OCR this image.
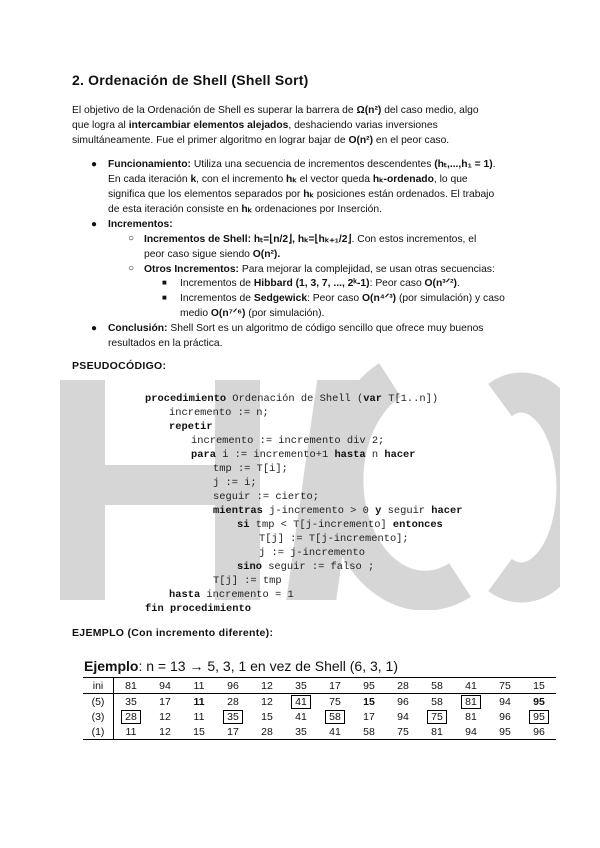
2. Ordenación de Shell (Shell Sort)
El objetivo de la Ordenación de Shell es superar la barrera de Ω(n²) del caso medio, algo
que logra al intercambiar elementos alejados, deshaciendo varias inversiones
simultáneamente. Fue el primer algoritmo en lograr bajar de O(n²) en el peor caso.
● Funcionamiento: Utiliza una secuencia de incrementos descendentes (hₜ,...,h₁ = 1).
En cada iteración k, con el incremento hₖ el vector queda hₖ-ordenado, lo que
significa que los elementos separados por hₖ posiciones están ordenados. El trabajo
de esta iteración consiste en hₖ ordenaciones por Inserción.
● Incrementos:
○ Incrementos de Shell: hₜ=⌊n/2⌋, hₖ=⌊hₖ₊₁/2⌋. Con estos incrementos, el
peor caso sigue siendo O(n²).
○ Otros Incrementos: Para mejorar la complejidad, se usan otras secuencias:
■ Incrementos de Hibbard (1, 3, 7, ..., 2ᵏ-1): Peor caso O(n³ᐟ²).
■ Incrementos de Sedgewick: Peor caso O(n⁴ᐟ³) (por simulación) y caso
medio O(n⁷ᐟ⁶) (por simulación).
● Conclusión: Shell Sort es un algoritmo de código sencillo que ofrece muy buenos
resultados en la práctica.
PSEUDOCÓDIGO:
procedimiento Ordenación de Shell (var T[1..n])
incremento := n;
repetir
incremento := incremento div 2;
para i := incremento+1 hasta n hacer
tmp := T[i];
j := i;
seguir := cierto;
mientras j-incremento > 0 y seguir hacer
si tmp < T[j-incremento] entonces
T[j] := T[j-incremento];
j := j-incremento
sino seguir := falso ;
T[j] := tmp
hasta incremento = 1
fin procedimiento
EJEMPLO (Con incremento diferente):
Ejemplo: n = 13 → 5, 3, 1 en vez de Shell (6, 3, 1)
ini	81	94	11	96	12	35	17	95	28	58	41	75	15
(5)	35	17	11	28	12	41	75	15	96	58	81	94	95
(3)	28	12	11	35	15	41	58	17	94	75	81	96	95
(1)	11	12	15	17	28	35	41	58	75	81	94	95	96
